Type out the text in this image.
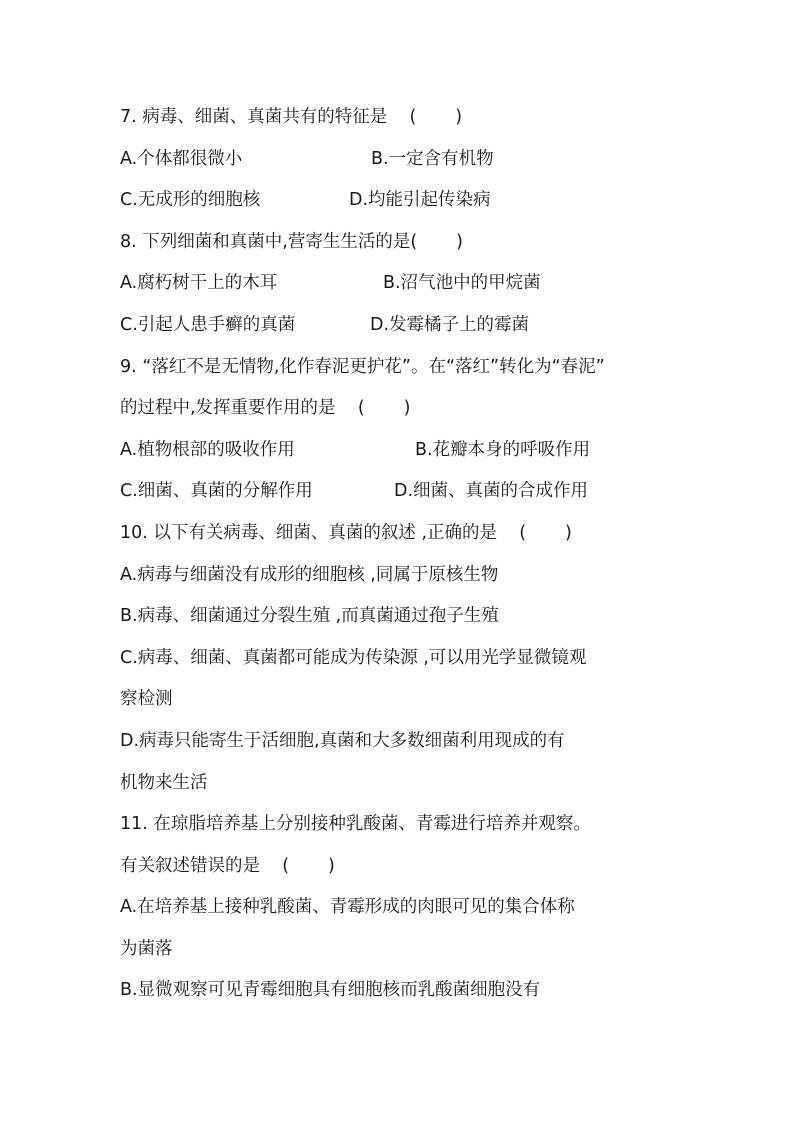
7. 病毒、细菌、真菌共有的特征是    (       )

A.个体都很微小

	B.一定含有机物

C.无成形的细胞核

	D.均能引起传染病

8. 下列细菌和真菌中,营寄生生活的是(       )

A.腐朽树干上的木耳

	B.沼气池中的甲烷菌

C.引起人患手癣的真菌

	D.发霉橘子上的霉菌

9. “落红不是无情物,化作春泥更护花”。在“落红”转化为“春泥”
的过程中,发挥重要作用的是    (       )

A.植物根部的吸收作用

	B.花瓣本身的呼吸作用

C.细菌、真菌的分解作用

	D.细菌、真菌的合成作用

10. 以下有关病毒、细菌、真菌的叙述 ,正确的是    (       )
A.病毒与细菌没有成形的细胞核 ,同属于原核生物
B.病毒、细菌通过分裂生殖 ,而真菌通过孢子生殖
C.病毒、细菌、真菌都可能成为传染源 ,可以用光学显微镜观
察检测
D.病毒只能寄生于活细胞,真菌和大多数细菌利用现成的有
机物来生活
11. 在琼脂培养基上分别接种乳酸菌、青霉进行培养并观察。
有关叙述错误的是    (       )
A.在培养基上接种乳酸菌、青霉形成的肉眼可见的集合体称
为菌落
B.显微观察可见青霉细胞具有细胞核而乳酸菌细胞没有
